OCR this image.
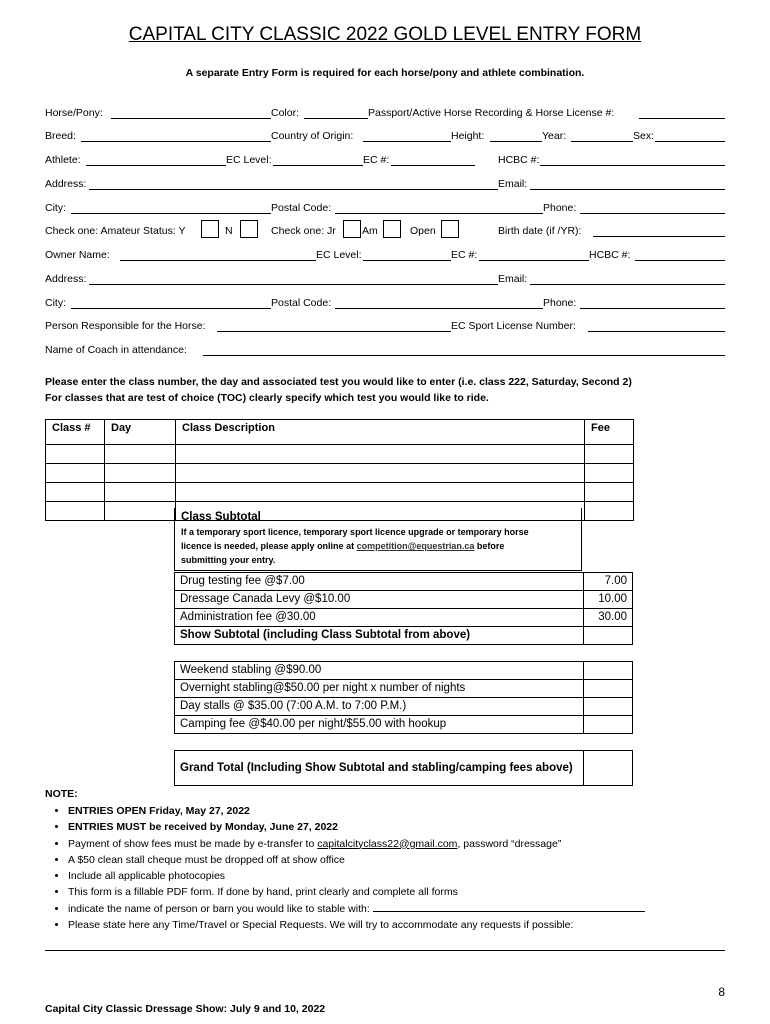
CAPITAL CITY CLASSIC 2022 GOLD LEVEL ENTRY FORM
A separate Entry Form is required for each horse/pony and athlete combination.
Horse/Pony:	Color:	Passport/Active Horse Recording & Horse License #:
Breed:	Country of Origin:	Height:	Year:	Sex:
Athlete:	EC Level:	EC #:	HCBC #:
Address:	Email:
City:	Postal Code:	Phone:
Check one: Amateur Status: Y	N	Check one: Jr Am	Open	Birth date (if /YR):
Owner Name:	EC Level:	EC #:	HCBC #:
Address:	Email:
City:	Postal Code:	Phone:
Person Responsible for the Horse:	EC Sport License Number:
Name of Coach in attendance:
Please enter the class number, the day and associated test you would like to enter (i.e. class 222, Saturday, Second 2)
For classes that are test of choice (TOC) clearly specify which test you would like to ride.
Class #	Day	Class Description	Fee

Class Subtotal
If a temporary sport licence, temporary sport licence upgrade or temporary horse
licence is needed, please apply online at competition@equestrian.ca before
submitting your entry.
Drug testing fee @$7.00	7.00
Dressage Canada Levy @$10.00	10.00
Administration fee @30.00	30.00
Show Subtotal (including Class Subtotal from above)	
Weekend stabling @$90.00	
Overnight stabling@$50.00 per night x number of nights	
Day stalls @ $35.00 (7:00 A.M. to 7:00 P.M.)	
Camping fee @$40.00 per night/$55.00 with hookup	
Grand Total (Including Show Subtotal and stabling/camping fees above)	
NOTE:
• ENTRIES OPEN Friday, May 27, 2022
• ENTRIES MUST be received by Monday, June 27, 2022
• Payment of show fees must be made by e-transfer to capitalcityclass22@gmail.com, password “dressage”
• A $50 clean stall cheque must be dropped off at show office
• Include all applicable photocopies
• This form is a fillable PDF form. If done by hand, print clearly and complete all forms
• indicate the name of person or barn you would like to stable with:
• Please state here any Time/Travel or Special Requests. We will try to accommodate any requests if possible:
8
Capital City Classic Dressage Show: July 9 and 10, 2022
